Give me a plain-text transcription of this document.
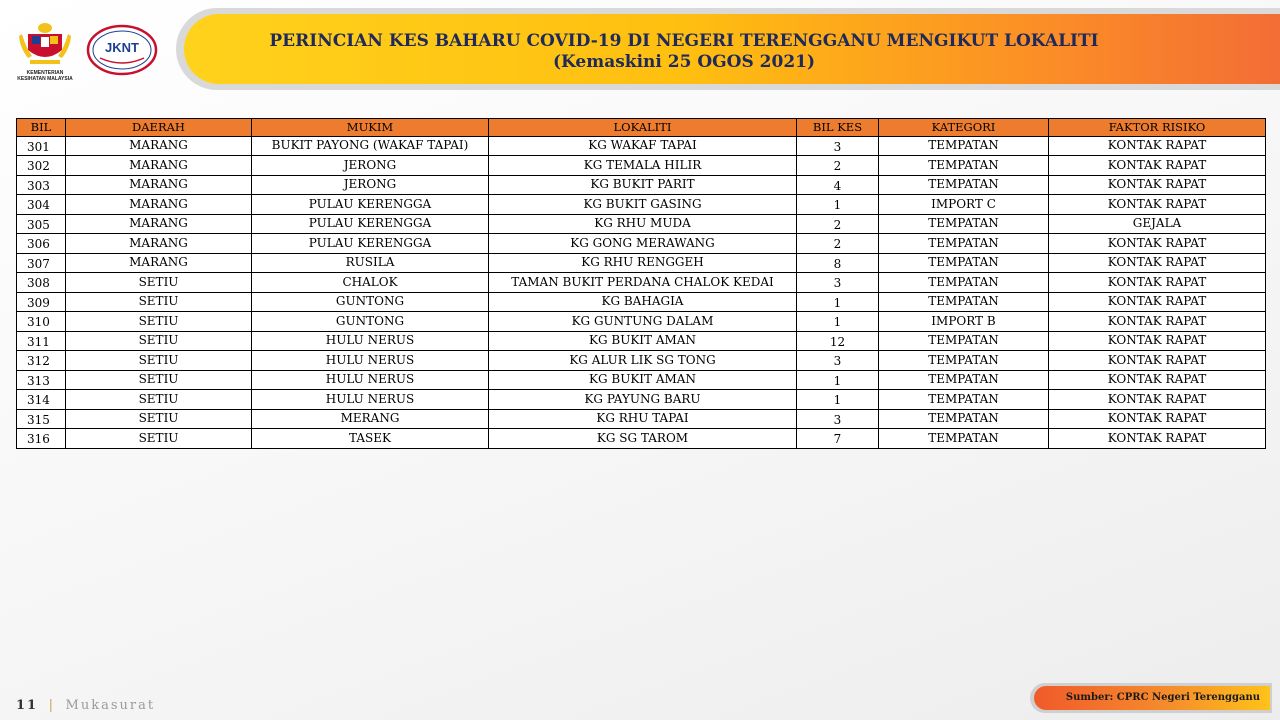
KEMENTERIAN KESIHATAN MALAYSIA
JKNT	PERINCIAN KES BAHARU COVID-19 DI NEGERI TERENGGANU MENGIKUT LOKALITI
(Kemaskini 25 OGOS 2021)
BIL	DAERAH	MUKIM	LOKALITI	BIL KES	KATEGORI	FAKTOR RISIKO
301	MARANG	BUKIT PAYONG (WAKAF TAPAI)	KG WAKAF TAPAI	3	TEMPATAN	KONTAK RAPAT
302	MARANG	JERONG	KG TEMALA HILIR	2	TEMPATAN	KONTAK RAPAT
303	MARANG	JERONG	KG BUKIT PARIT	4	TEMPATAN	KONTAK RAPAT
304	MARANG	PULAU KERENGGA	KG BUKIT GASING	1	IMPORT C	KONTAK RAPAT
305	MARANG	PULAU KERENGGA	KG RHU MUDA	2	TEMPATAN	GEJALA
306	MARANG	PULAU KERENGGA	KG GONG MERAWANG	2	TEMPATAN	KONTAK RAPAT
307	MARANG	RUSILA	KG RHU RENGGEH	8	TEMPATAN	KONTAK RAPAT
308	SETIU	CHALOK	TAMAN BUKIT PERDANA CHALOK KEDAI	3	TEMPATAN	KONTAK RAPAT
309	SETIU	GUNTONG	KG BAHAGIA	1	TEMPATAN	KONTAK RAPAT
310	SETIU	GUNTONG	KG GUNTUNG DALAM	1	IMPORT B	KONTAK RAPAT
311	SETIU	HULU NERUS	KG BUKIT AMAN	12	TEMPATAN	KONTAK RAPAT
312	SETIU	HULU NERUS	KG ALUR LIK SG TONG	3	TEMPATAN	KONTAK RAPAT
313	SETIU	HULU NERUS	KG BUKIT AMAN	1	TEMPATAN	KONTAK RAPAT
314	SETIU	HULU NERUS	KG PAYUNG BARU	1	TEMPATAN	KONTAK RAPAT
315	SETIU	MERANG	KG RHU TAPAI	3	TEMPATAN	KONTAK RAPAT
316	SETIU	TASEK	KG SG TAROM	7	TEMPATAN	KONTAK RAPAT
11 | Mukasurat
Sumber: CPRC Negeri Terengganu
